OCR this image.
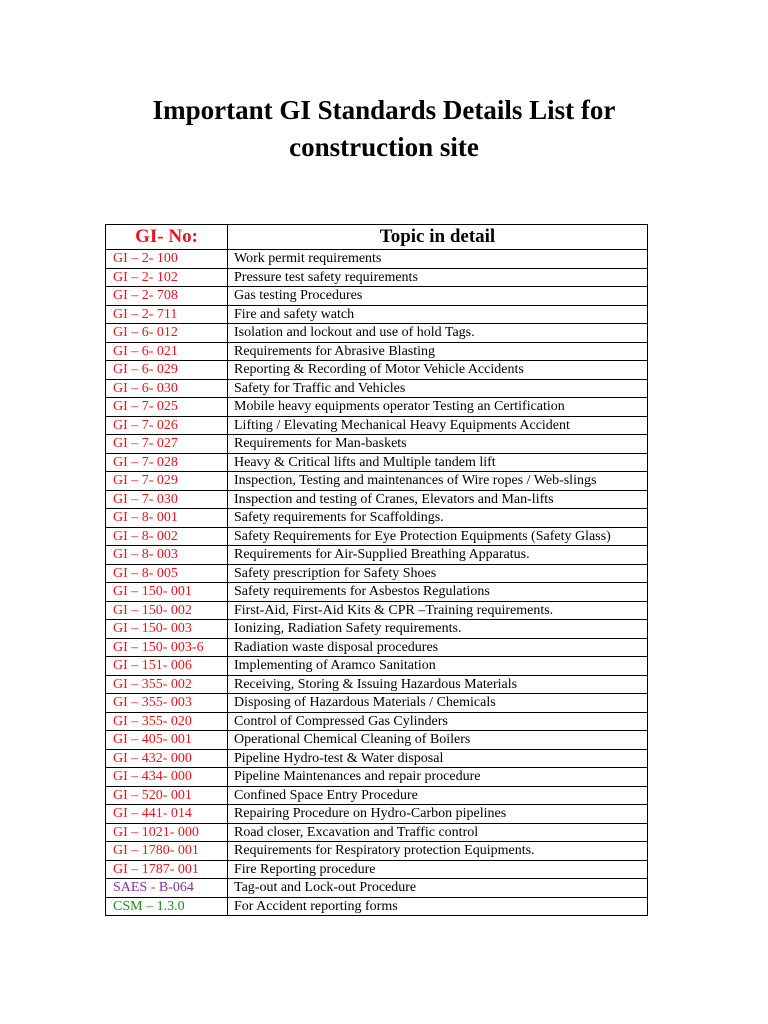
Important GI Standards Details List for
construction site
GI- No:	Topic in detail
GI – 2- 100	Work permit requirements
GI – 2- 102	Pressure test safety requirements
GI – 2- 708	Gas testing Procedures
GI – 2- 711	Fire and safety watch
GI – 6- 012	Isolation and lockout and use of hold Tags.
GI – 6- 021	Requirements for Abrasive Blasting
GI – 6- 029	Reporting & Recording of Motor Vehicle Accidents
GI – 6- 030	Safety for Traffic and Vehicles
GI – 7- 025	Mobile heavy equipments operator Testing an Certification
GI – 7- 026	Lifting / Elevating Mechanical Heavy Equipments Accident
GI – 7- 027	Requirements for Man-baskets
GI – 7- 028	Heavy & Critical lifts and Multiple tandem lift
GI – 7- 029	Inspection, Testing and maintenances of Wire ropes / Web-slings
GI – 7- 030	Inspection and testing of Cranes, Elevators and Man-lifts
GI – 8- 001	Safety requirements for Scaffoldings.
GI – 8- 002	Safety Requirements for Eye Protection Equipments (Safety Glass)
GI – 8- 003	Requirements for Air-Supplied Breathing Apparatus.
GI – 8- 005	Safety prescription for Safety Shoes
GI – 150- 001	Safety requirements for Asbestos Regulations
GI – 150- 002	First-Aid, First-Aid Kits & CPR –Training requirements.
GI – 150- 003	Ionizing, Radiation Safety requirements.
GI – 150- 003-6	Radiation waste disposal procedures
GI – 151- 006	Implementing of Aramco Sanitation
GI – 355- 002	Receiving, Storing & Issuing Hazardous Materials
GI – 355- 003	Disposing of Hazardous Materials / Chemicals
GI – 355- 020	Control of Compressed Gas Cylinders
GI – 405- 001	Operational Chemical Cleaning of Boilers
GI – 432- 000	Pipeline Hydro-test & Water disposal
GI – 434- 000	Pipeline Maintenances and repair procedure
GI – 520- 001	Confined Space Entry Procedure
GI – 441- 014	Repairing Procedure on Hydro-Carbon pipelines
GI – 1021- 000	Road closer, Excavation and Traffic control
GI – 1780- 001	Requirements for Respiratory protection Equipments.
GI – 1787- 001	Fire Reporting procedure
SAES - B-064	Tag-out and Lock-out Procedure
CSM – 1.3.0	For Accident reporting forms
